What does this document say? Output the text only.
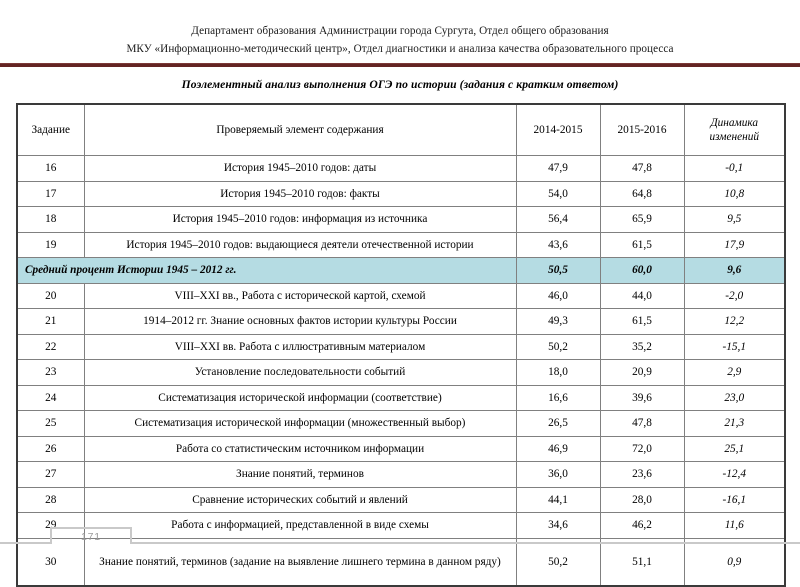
Департамент образования Администрации города Сургута, Отдел общего образования
МКУ «Информационно-методический центр», Отдел диагностики и анализа качества образовательного процесса
Поэлементный анализ выполнения ОГЭ по истории (задания с кратким ответом)
Задание	Проверяемый элемент содержания	2014-2015	2015-2016	Динамика
изменений

16	История 1945–2010 годов: даты	47,9	47,8	-0,1
17	История 1945–2010 годов: факты	54,0	64,8	10,8
18	История 1945–2010 годов: информация из источника	56,4	65,9	9,5
19	История 1945–2010 годов: выдающиеся деятели отечественной истории	43,6	61,5	17,9
Средний процент Истории 1945 – 2012 гг.		50,5	60,0	9,6
20	VIII–XXI вв., Работа с исторической картой, схемой	46,0	44,0	-2,0
21	1914–2012 гг. Знание основных фактов истории культуры России	49,3	61,5	12,2
22	VIII–XXI вв. Работа с иллюстративным материалом	50,2	35,2	-15,1
23	Установление последовательности событий	18,0	20,9	2,9
24	Систематизация исторической информации (соответствие)	16,6	39,6	23,0
25	Систематизация исторической информации (множественный выбор)	26,5	47,8	21,3
26	Работа со статистическим источником информации	46,9	72,0	25,1
27	Знание понятий, терминов	36,0	23,6	-12,4
28	Сравнение исторических событий и явлений	44,1	28,0	-16,1
29	Работа с информацией, представленной в виде схемы	34,6	46,2	11,6
30	Знание понятий, терминов (задание на выявление лишнего термина в данном ряду)	50,2	51,1	0,9
171
